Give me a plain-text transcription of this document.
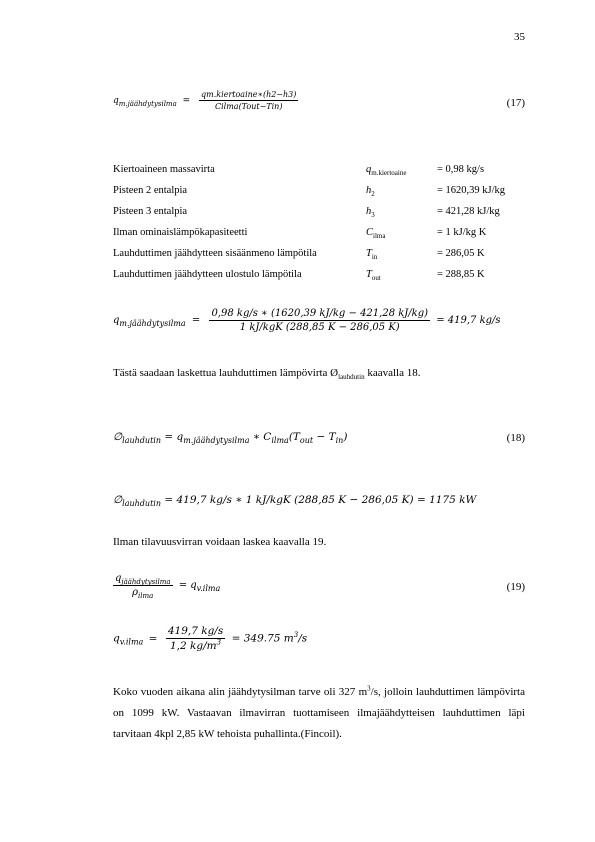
35
$q_{m.jäähdytysilma} = \frac{\text{qm.kiertoaine∗(h2−h3)}}{\text{Cilma(Tout−Tin)}}$	(17)
Kiertoaineen massavirta	$q_{m.kiertoaine}$	= 0,98 kg/s
Pisteen 2 entalpia	$h_2$	= 1620,39 kJ/kg
Pisteen 3 entalpia	$h_3$	= 421,28 kJ/kg
Ilman ominaislämpökapasiteetti	$C_{ilma}$	= 1 kJ/kg K
Lauhduttimen jäähdytteen sisäänmeno lämpötila	$T_{in}$	= 286,05 K
Lauhduttimen jäähdytteen ulostulo lämpötila	$T_{out}$	= 288,85 K
$q_{m.jäähdytysilma} = \frac{0,98 kg/s ∗ (1620,39 kJ/kg - 421,28 kJ/kg)}{\text{1 kJ/kgK (288,85 K − 286,05 K)}} = 419,7$ kg/s
Tästä saadaan laskettua lauhduttimen lämpövirta $Ø_{lauhdutin}$ kaavalla 18.
$\emptyset_{lauhdutin} = q_{m.jäähdytysilma}$ ∗ $C_{ilma}(T_{out} - T_{in})$	(18)
$\emptyset_{lauhdutin} = 419,7$ kg/s ∗ 1 kJ/kgK (288,85 K − 286,05 K) = 1175 kW
Ilman tilavuusvirran voidaan laskea kaavalla 19.
$\frac{q_{jäähdytysilma}}{\rho_{ilma}} = q_{v.ilma}$	(19)
$q_{v.ilma} = \frac{419,7 kg/s}{1,2 kg/m^3} = 349.75$ $m^3/s$
Koko vuoden aikana alin jäähdytysilman tarve oli 327 $m^3/s$, jolloin lauhduttimen lämpövirta on 1099 kW. Vastaavan ilmavirran tuottamiseen ilmajäähdytteisen lauhduttimen läpi tarvitaan 4kpl 2,85 kW tehoista puhallinta.(Fincoil).
